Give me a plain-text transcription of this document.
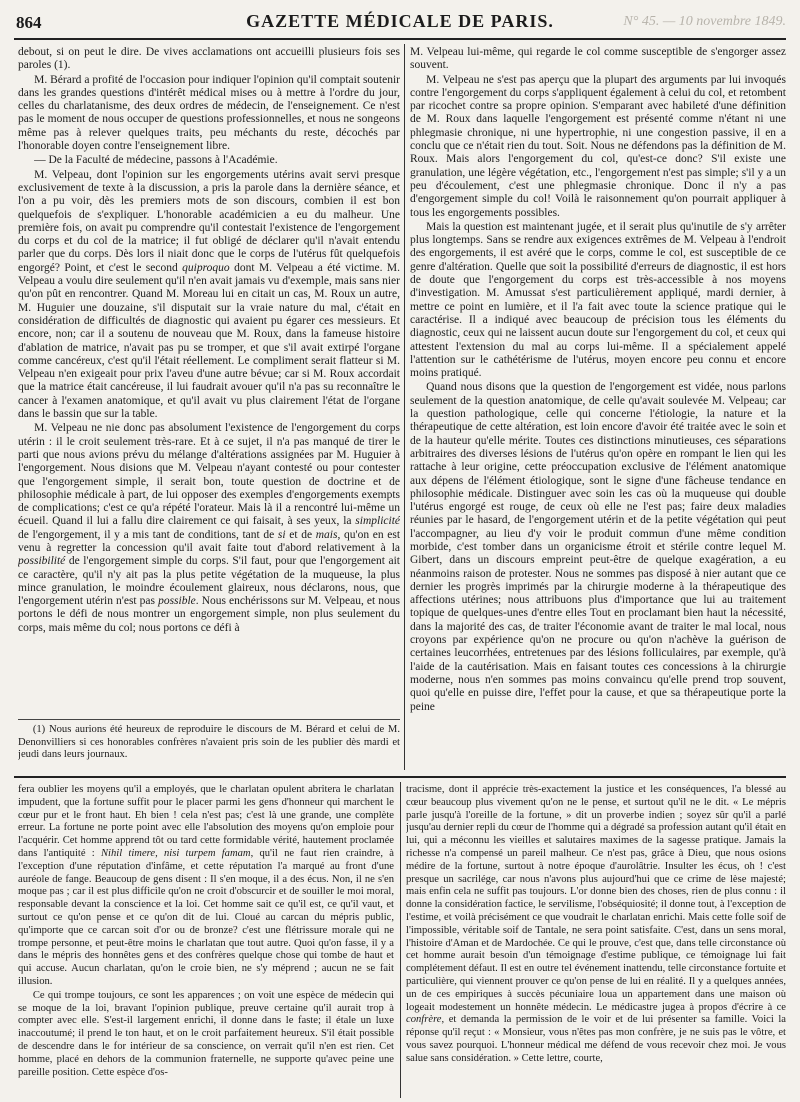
864	GAZETTE MÉDICALE DE PARIS.	N° 45. — 10 novembre 1849.

debout, si on peut le dire. De vives acclamations ont accueilli plusieurs fois ses paroles (1).

M. Bérard a profité de l'occasion pour indiquer l'opinion qu'il comptait soutenir dans les grandes questions d'intérêt médical mises ou à mettre à l'ordre du jour, celles du charlatanisme, des deux ordres de médecin, de l'enseignement. Ce n'est pas le moment de nous occuper de questions professionnelles, et nous ne songeons même pas à relever quelques traits, peu méchants du reste, décochés par l'honorable doyen contre l'enseignement libre.

— De la Faculté de médecine, passons à l'Académie.

M. Velpeau, dont l'opinion sur les engorgements utérins avait servi presque exclusivement de texte à la discussion, a pris la parole dans la dernière séance, et l'on a pu voir, dès les premiers mots de son discours, combien il est bon quelquefois de s'expliquer. L'honorable académicien a eu du malheur. Une première fois, on avait pu comprendre qu'il contestait l'existence de l'engorgement du corps et du col de la matrice; il fut obligé de déclarer qu'il n'avait entendu parler que du corps. Dès lors il niait donc que le corps de l'utérus fût quelquefois engorgé? Point, et c'est le second quiproquo dont M. Velpeau a été victime. M. Velpeau a voulu dire seulement qu'il n'en avait jamais vu d'exemple, mais sans nier qu'on pût en rencontrer. Quand M. Moreau lui en citait un cas, M. Roux un autre, M. Huguier une douzaine, s'il disputait sur la vraie nature du mal, c'était en considération de difficultés de diagnostic qui avaient pu égarer ces messieurs. Et encore, non; car il a soutenu de nouveau que M. Roux, dans la fameuse histoire d'ablation de matrice, n'avait pas pu se tromper, et que s'il avait extirpé l'organe comme cancéreux, c'est qu'il l'était réellement. Le compliment serait flatteur si M. Velpeau n'en exigeait pour prix l'aveu d'une autre bévue; car si M. Roux accordait que la matrice était cancéreuse, il lui faudrait avouer qu'il n'a pas su reconnaître le cancer à l'examen anatomique, et qu'il avait vu plus clairement l'état de l'organe dans le bassin que sur la table.

M. Velpeau ne nie donc pas absolument l'existence de l'engorgement du corps utérin : il le croit seulement très-rare. Et à ce sujet, il n'a pas manqué de tirer le parti que nous avions prévu du mélange d'altérations assignées par M. Huguier à l'engorgement. Nous disions que M. Velpeau n'ayant contesté ou pour contester que l'engorgement simple, il serait bon, toute question de doctrine et de philosophie médicale à part, de lui opposer des exemples d'engorgements exempts de complications; c'est ce qu'a répété l'orateur. Mais là il a rencontré lui-même un écueil. Quand il lui a fallu dire clairement ce qui faisait, à ses yeux, la simplicité de l'engorgement, il y a mis tant de conditions, tant de si et de mais, qu'on en est venu à regretter la concession qu'il avait faite tout d'abord relativement à la possibilité de l'engorgement simple du corps. S'il faut, pour que l'engorgement ait ce caractère, qu'il n'y ait pas la plus petite végétation de la muqueuse, la plus mince granulation, le moindre écoulement glaireux, nous déclarons, nous, que l'engorgement utérin n'est pas possible. Nous enchérissons sur M. Velpeau, et nous portons le défi de nous montrer un engorgement simple, non plus seulement du corps, mais même du col; nous portons ce défi à

(1) Nous aurions été heureux de reproduire le discours de M. Bérard et celui de M. Denonvilliers si ces honorables confrères n'avaient pris soin de les publier dès mardi et jeudi dans leurs journaux.

M. Velpeau lui-même, qui regarde le col comme susceptible de s'engorger assez souvent.

M. Velpeau ne s'est pas aperçu que la plupart des arguments par lui invoqués contre l'engorgement du corps s'appliquent également à celui du col, et retombent par ricochet contre sa propre opinion. S'emparant avec habileté d'une définition de M. Roux dans laquelle l'engorgement est présenté comme n'étant ni une phlegmasie chronique, ni une hypertrophie, ni une congestion passive, il en a conclu que ce n'était rien du tout. Soit. Nous ne défendons pas la définition de M. Roux. Mais alors l'engorgement du col, qu'est-ce donc? S'il existe une granulation, une légère végétation, etc., l'engorgement n'est pas simple; s'il y a un peu d'écoulement, c'est une phlegmasie chronique. Donc il n'y a pas d'engorgement simple du col! Voilà le raisonnement qu'on pourrait appliquer à tous les engorgements possibles.

Mais la question est maintenant jugée, et il serait plus qu'inutile de s'y arrêter plus longtemps. Sans se rendre aux exigences extrêmes de M. Velpeau à l'endroit des engorgements, il est avéré que le corps, comme le col, est susceptible de ce genre d'altération. Quelle que soit la possibilité d'erreurs de diagnostic, il est hors de doute que l'engorgement du corps est très-accessible à nos moyens d'investigation. M. Amussat s'est particulièrement appliqué, mardi dernier, à mettre ce point en lumière, et il l'a fait avec toute la science pratique qui le caractérise. Il a indiqué avec beaucoup de précision tous les éléments du diagnostic, ceux qui ne laissent aucun doute sur l'engorgement du col, et ceux qui attestent l'extension du mal au corps lui-même. Il a spécialement appelé l'attention sur le cathétérisme de l'utérus, moyen encore peu connu et encore moins pratiqué.

Quand nous disons que la question de l'engorgement est vidée, nous parlons seulement de la question anatomique, de celle qu'avait soulevée M. Velpeau; car la question pathologique, celle qui concerne l'étiologie, la nature et la thérapeutique de cette altération, est loin encore d'avoir été traitée avec le soin et de la hauteur qu'elle mérite. Toutes ces distinctions minutieuses, ces séparations arbitraires des diverses lésions de l'utérus qu'on opère en rompant le lien qui les rattache à leur origine, cette préoccupation exclusive de l'élément anatomique aux dépens de l'élément étiologique, sont le signe d'une fâcheuse tendance en philosophie médicale. Distinguer avec soin les cas où la muqueuse qui double l'utérus engorgé est rouge, de ceux où elle ne l'est pas; faire deux maladies réunies par le hasard, de l'engorgement utérin et de la petite végétation qui peut l'accompagner, au lieu d'y voir le produit commun d'une même condition morbide, c'est tomber dans un organicisme étroit et stérile contre lequel M. Gibert, dans un discours empreint peut-être de quelque exagération, a eu néanmoins raison de protester. Nous ne sommes pas disposé à nier autant que ce dernier les progrès imprimés par la chirurgie moderne à la thérapeutique des affections utérines; nous attribuons plus d'importance que lui au traitement topique de quelques-unes d'entre elles Tout en proclamant bien haut la nécessité, dans la majorité des cas, de traiter l'économie avant de traiter le mal local, nous croyons par expérience qu'on ne procure ou qu'on n'achève la guérison de certaines leucorrhées, entretenues par des lésions folliculaires, par exemple, qu'à l'aide de la cautérisation. Mais en faisant toutes ces concessions à la chirurgie moderne, nous n'en sommes pas moins convaincu qu'elle prend trop souvent, quoi qu'elle en puisse dire, l'effet pour la cause, et que sa thérapeutique porte la peine

fera oublier les moyens qu'il a employés, que le charlatan opulent abritera le charlatan impudent, que la fortune suffit pour le placer parmi les gens d'honneur qui marchent le cœur pur et le front haut. Eh bien ! cela n'est pas; c'est là une grande, une complète erreur. La fortune ne porte point avec elle l'absolution des moyens qu'on emploie pour l'acquérir. Cet homme apprend tôt ou tard cette formidable vérité, hautement proclamée dans l'antiquité : Nihil timere, nisi turpem famam, qu'il ne faut rien craindre, à l'exception d'une réputation d'infâme, et cette réputation l'a marqué au front d'une auréole de fange. Beaucoup de gens disent : Il s'en moque, il a des écus. Non, il ne s'en moque pas ; car il est plus difficile qu'on ne croit d'obscurcir et de souiller le moi moral, responsable devant la conscience et la loi. Cet homme sait ce qu'il est, ce qu'il vaut, et surtout ce qu'on pense et ce qu'on dit de lui. Cloué au carcan du mépris public, qu'importe que ce carcan soit d'or ou de bronze? c'est une flétrissure morale qui ne trompe personne, et peut-être moins le charlatan que tout autre. Quoi qu'on fasse, il y a dans le mépris des honnêtes gens et des confrères quelque chose qui tombe de haut et qui accuse. Aucun charlatan, qu'on le croie bien, ne s'y méprend ; aucun ne se fait illusion.

Ce qui trompe toujours, ce sont les apparences ; on voit une espèce de médecin qui se moque de la loi, bravant l'opinion publique, preuve certaine qu'il aurait trop à compter avec elle. S'est-il largement enrichi, il donne dans le faste; il étale un luxe inaccoutumé; il prend le ton haut, et on le croit parfaitement heureux. S'il était possible de descendre dans le for intérieur de sa conscience, on verrait qu'il n'en est rien. Cet homme, placé en dehors de la communion fraternelle, ne supporte qu'avec peine une pareille position. Cette espèce d'os-

tracisme, dont il apprécie très-exactement la justice et les conséquences, l'a blessé au cœur beaucoup plus vivement qu'on ne le pense, et surtout qu'il ne le dit. « Le mépris parle jusqu'à l'oreille de la fortune, » dit un proverbe indien ; soyez sûr qu'il a parlé jusqu'au dernier repli du cœur de l'homme qui a dégradé sa profession autant qu'il était en lui, qui a méconnu les vieilles et salutaires maximes de la sagesse pratique. Jamais la richesse n'a compensé un pareil malheur. Ce n'est pas, grâce à Dieu, que nous osions médire de la fortune, surtout à notre époque d'aurolâtrie. Insulter les écus, oh ! c'est presque un sacrilége, car nous n'avons plus aujourd'hui que ce crime de lèse majesté; mais enfin cela ne suffit pas toujours. L'or donne bien des choses, rien de plus connu : il donne la considération factice, le servilisme, l'obséquiosité; il donne tout, à l'exception de l'estime, et voilà précisément ce que voudrait le charlatan enrichi. Mais cette folle soif de l'impossible, véritable soif de Tantale, ne sera point satisfaite. C'est, dans un sens moral, l'histoire d'Aman et de Mardochée. Ce qui le prouve, c'est que, dans telle circonstance où cet homme aurait besoin d'un témoignage d'estime publique, ce témoignage lui fait complétement défaut. Il est en outre tel événement inattendu, telle circonstance fortuite et particulière, qui viennent prouver ce qu'on pense de lui en réalité. Il y a quelques années, un de ces empiriques à succès pécuniaire loua un appartement dans une maison où logeait modestement un honnête médecin. Le médicastre jugea à propos d'écrire à ce confrère, et demanda la permission de le voir et de lui présenter sa famille. Voici la réponse qu'il reçut : « Monsieur, vous n'êtes pas mon confrère, je ne suis pas le vôtre, et vous savez pourquoi. L'honneur médical me défend de vous recevoir chez moi. Je vous salue sans considération. » Cette lettre, courte,
